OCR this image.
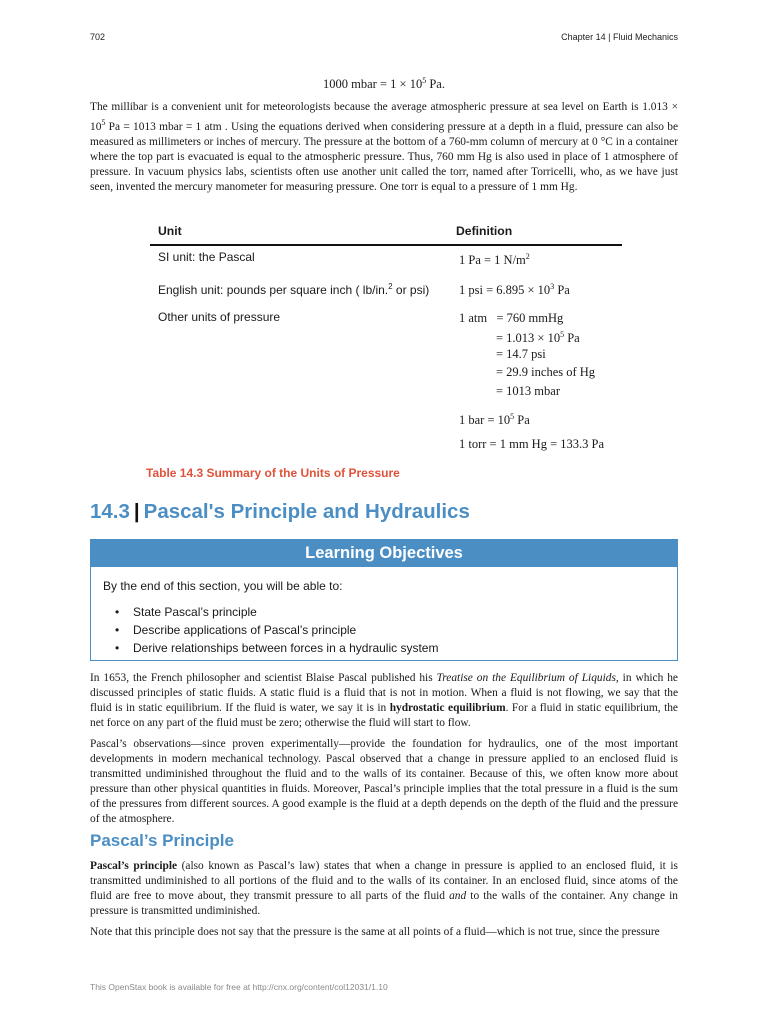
702	Chapter 14 | Fluid Mechanics
1000 mbar = $1 \times 10^5$ Pa.

The millibar is a convenient unit for meteorologists because the average atmospheric pressure at sea level on Earth is $1.013 \times 10^5$ Pa = 1013 mbar = 1 atm . Using the equations derived when considering pressure at a depth in a fluid, pressure can also be measured as millimeters or inches of mercury. The pressure at the bottom of a 760-mm column of mercury at 0 °C in a container where the top part is evacuated is equal to the atmospheric pressure. Thus, 760 mm Hg is also used in place of 1 atmosphere of pressure. In vacuum physics labs, scientists often use another unit called the torr, named after Torricelli, who, as we have just seen, invented the mercury manometer for measuring pressure. One torr is equal to a pressure of 1 mm Hg.

Unit	Definition
SI unit: the Pascal	1 Pa = 1 $N/m^2$
English unit: pounds per square inch ( lb/in.$^2$ or psi) 1 psi = $6.895 \times 10^3$ Pa
Other units of pressure	1 atm   = 760 mmHg
= $1.013 \times 10^5$ Pa
= 14.7 psi
= 29.9 inches of Hg
= 1013 mbar
1 bar = $10^5$ Pa
1 torr = 1 mm Hg = 133.3 Pa
Table 14.3 Summary of the Units of Pressure
14.3 | Pascal's Principle and Hydraulics
Learning Objectives
By the end of this section, you will be able to:
• State Pascal’s principle
• Describe applications of Pascal’s principle
• Derive relationships between forces in a hydraulic system

In 1653, the French philosopher and scientist Blaise Pascal published his Treatise on the Equilibrium of Liquids, in which he discussed principles of static fluids. A static fluid is a fluid that is not in motion. When a fluid is not flowing, we say that the fluid is in static equilibrium. If the fluid is water, we say it is in hydrostatic equilibrium. For a fluid in static equilibrium, the net force on any part of the fluid must be zero; otherwise the fluid will start to flow.

Pascal’s observations—since proven experimentally—provide the foundation for hydraulics, one of the most important developments in modern mechanical technology. Pascal observed that a change in pressure applied to an enclosed fluid is transmitted undiminished throughout the fluid and to the walls of its container. Because of this, we often know more about pressure than other physical quantities in fluids. Moreover, Pascal’s principle implies that the total pressure in a fluid is the sum of the pressures from different sources. A good example is the fluid at a depth depends on the depth of the fluid and the pressure of the atmosphere.

Pascal’s Principle

Pascal’s principle (also known as Pascal’s law) states that when a change in pressure is applied to an enclosed fluid, it is transmitted undiminished to all portions of the fluid and to the walls of its container. In an enclosed fluid, since atoms of the fluid are free to move about, they transmit pressure to all parts of the fluid and to the walls of the container. Any change in pressure is transmitted undiminished.

Note that this principle does not say that the pressure is the same at all points of a fluid—which is not true, since the pressure

This OpenStax book is available for free at http://cnx.org/content/col12031/1.10
